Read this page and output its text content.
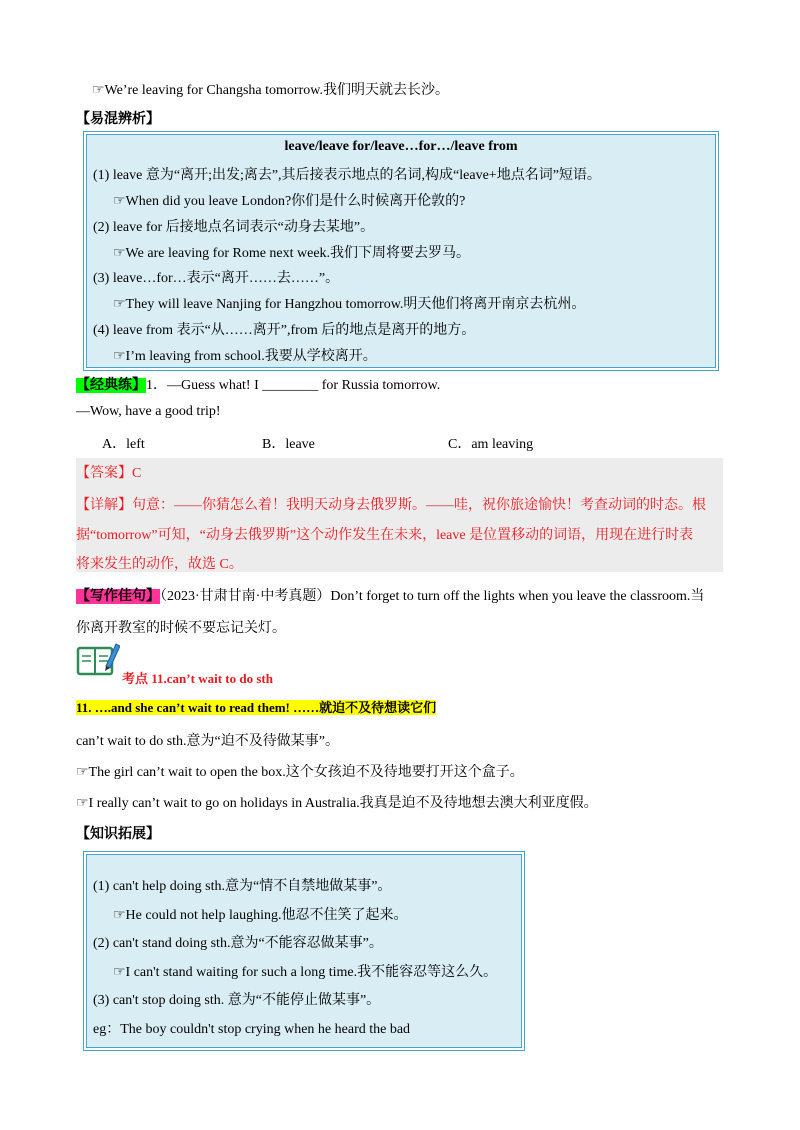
☞We’re leaving for Changsha tomorrow.我们明天就去长沙。
【易混辨析】
leave/leave for/leave…for…/leave from
(1) leave 意为“离开;出发;离去”,其后接表示地点的名词,构成“leave+地点名词”短语。
☞When did you leave London?你们是什么时候离开伦敦的?
(2) leave for 后接地点名词表示“动身去某地”。
☞We are leaving for Rome next week.我们下周将要去罗马。
(3) leave…for…表示“离开……去……”。
☞They will leave Nanjing for Hangzhou tomorrow.明天他们将离开南京去杭州。
(4) leave from 表示“从……离开”,from 后的地点是离开的地方。
☞I’m leaving from school.我要从学校离开。
【经典练】1．—Guess what! I ________ for Russia tomorrow.
—Wow, have a good trip!
A．left	B．leave	C．am leaving
【答案】C
【详解】句意：——你猜怎么着！我明天动身去俄罗斯。——哇，祝你旅途愉快！考查动词的时态。根
据“tomorrow”可知，“动身去俄罗斯”这个动作发生在未来，leave 是位置移动的词语，用现在进行时表
将来发生的动作，故选 C。
【写作佳句】（2023·甘肃甘南·中考真题）Don’t forget to turn off the lights when you leave the classroom.当
你离开教室的时候不要忘记关灯。
考点 11.can’t wait to do sth
11. ….and she can’t wait to read them! ……就迫不及待想读它们
can’t wait to do sth.意为“迫不及待做某事”。
☞The girl can’t wait to open the box.这个女孩迫不及待地要打开这个盒子。
☞I really can’t wait to go on holidays in Australia.我真是迫不及待地想去澳大利亚度假。
【知识拓展】
(1) can't help doing sth.意为“情不自禁地做某事”。
☞He could not help laughing.他忍不住笑了起来。
(2) can't stand doing sth.意为“不能容忍做某事”。
☞I can't stand waiting for such a long time.我不能容忍等这么久。
(3) can't stop doing sth. 意为“不能停止做某事”。
eg：The boy couldn't stop crying when he heard the bad
